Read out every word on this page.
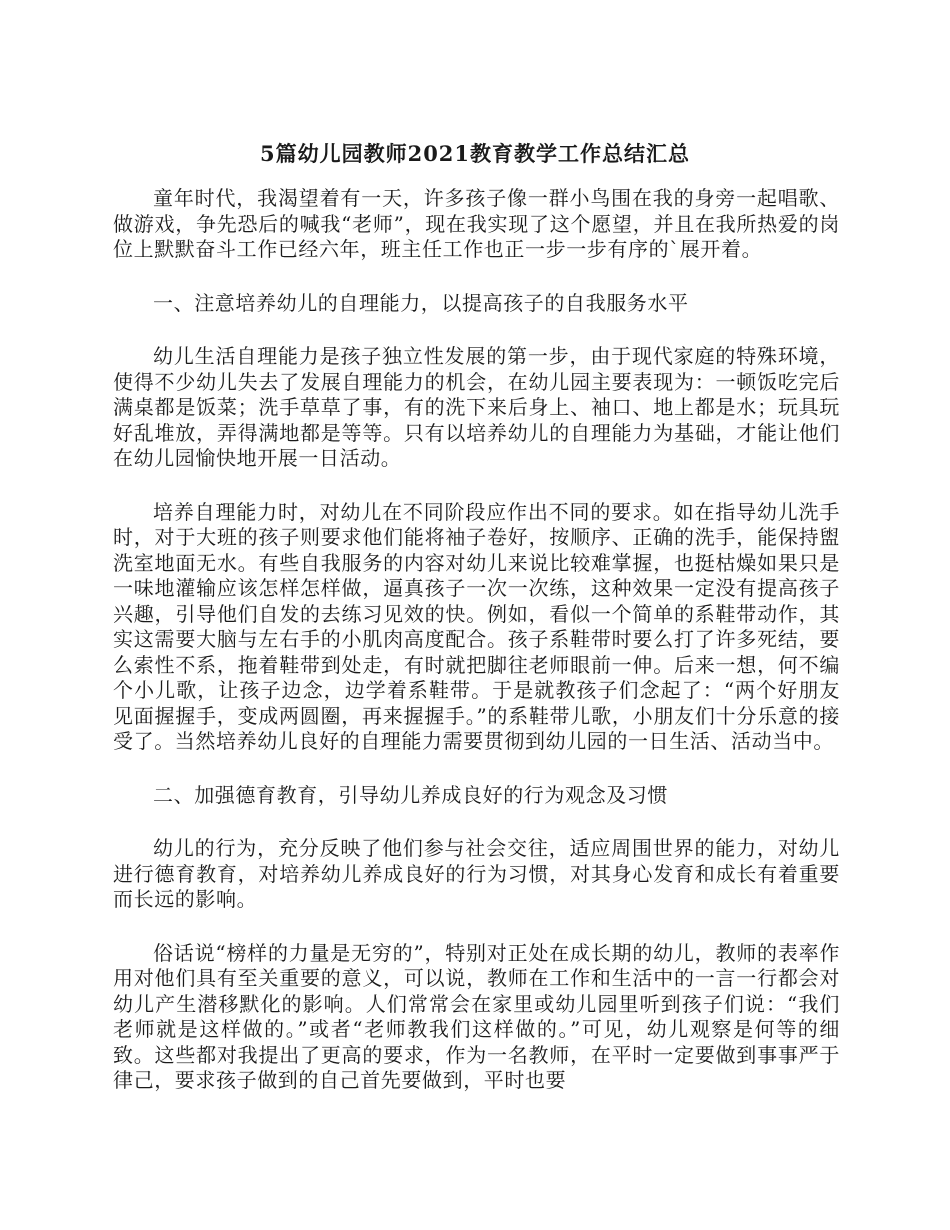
5篇幼儿园教师2021教育教学工作总结汇总

童年时代，我渴望着有一天，许多孩子像一群小鸟围在我的身旁一起唱歌、做游戏，争先恐后的喊我“老师”，现在我实现了这个愿望，并且在我所热爱的岗位上默默奋斗工作已经六年，班主任工作也正一步一步有序的`展开着。

一、注意培养幼儿的自理能力，以提高孩子的自我服务水平

幼儿生活自理能力是孩子独立性发展的第一步，由于现代家庭的特殊环境，使得不少幼儿失去了发展自理能力的机会，在幼儿园主要表现为：一顿饭吃完后满桌都是饭菜；洗手草草了事，有的洗下来后身上、袖口、地上都是水；玩具玩好乱堆放，弄得满地都是等等。只有以培养幼儿的自理能力为基础，才能让他们在幼儿园愉快地开展一日活动。

培养自理能力时，对幼儿在不同阶段应作出不同的要求。如在指导幼儿洗手时，对于大班的孩子则要求他们能将袖子卷好，按顺序、正确的洗手，能保持盥洗室地面无水。有些自我服务的内容对幼儿来说比较难掌握，也挺枯燥如果只是一味地灌输应该怎样怎样做，逼真孩子一次一次练，这种效果一定没有提高孩子兴趣，引导他们自发的去练习见效的快。例如，看似一个简单的系鞋带动作，其实这需要大脑与左右手的小肌肉高度配合。孩子系鞋带时要么打了许多死结，要么索性不系，拖着鞋带到处走，有时就把脚往老师眼前一伸。后来一想，何不编个小儿歌，让孩子边念，边学着系鞋带。于是就教孩子们念起了：“两个好朋友见面握握手，变成两圆圈，再来握握手。”的系鞋带儿歌，小朋友们十分乐意的接受了。当然培养幼儿良好的自理能力需要贯彻到幼儿园的一日生活、活动当中。

二、加强德育教育，引导幼儿养成良好的行为观念及习惯

幼儿的行为，充分反映了他们参与社会交往，适应周围世界的能力，对幼儿进行德育教育，对培养幼儿养成良好的行为习惯，对其身心发育和成长有着重要而长远的影响。

俗话说“榜样的力量是无穷的”，特别对正处在成长期的幼儿，教师的表率作用对他们具有至关重要的意义，可以说，教师在工作和生活中的一言一行都会对幼儿产生潜移默化的影响。人们常常会在家里或幼儿园里听到孩子们说：“我们老师就是这样做的。”或者“老师教我们这样做的。”可见，幼儿观察是何等的细致。这些都对我提出了更高的要求，作为一名教师，在平时一定要做到事事严于律己，要求孩子做到的自己首先要做到，平时也要
